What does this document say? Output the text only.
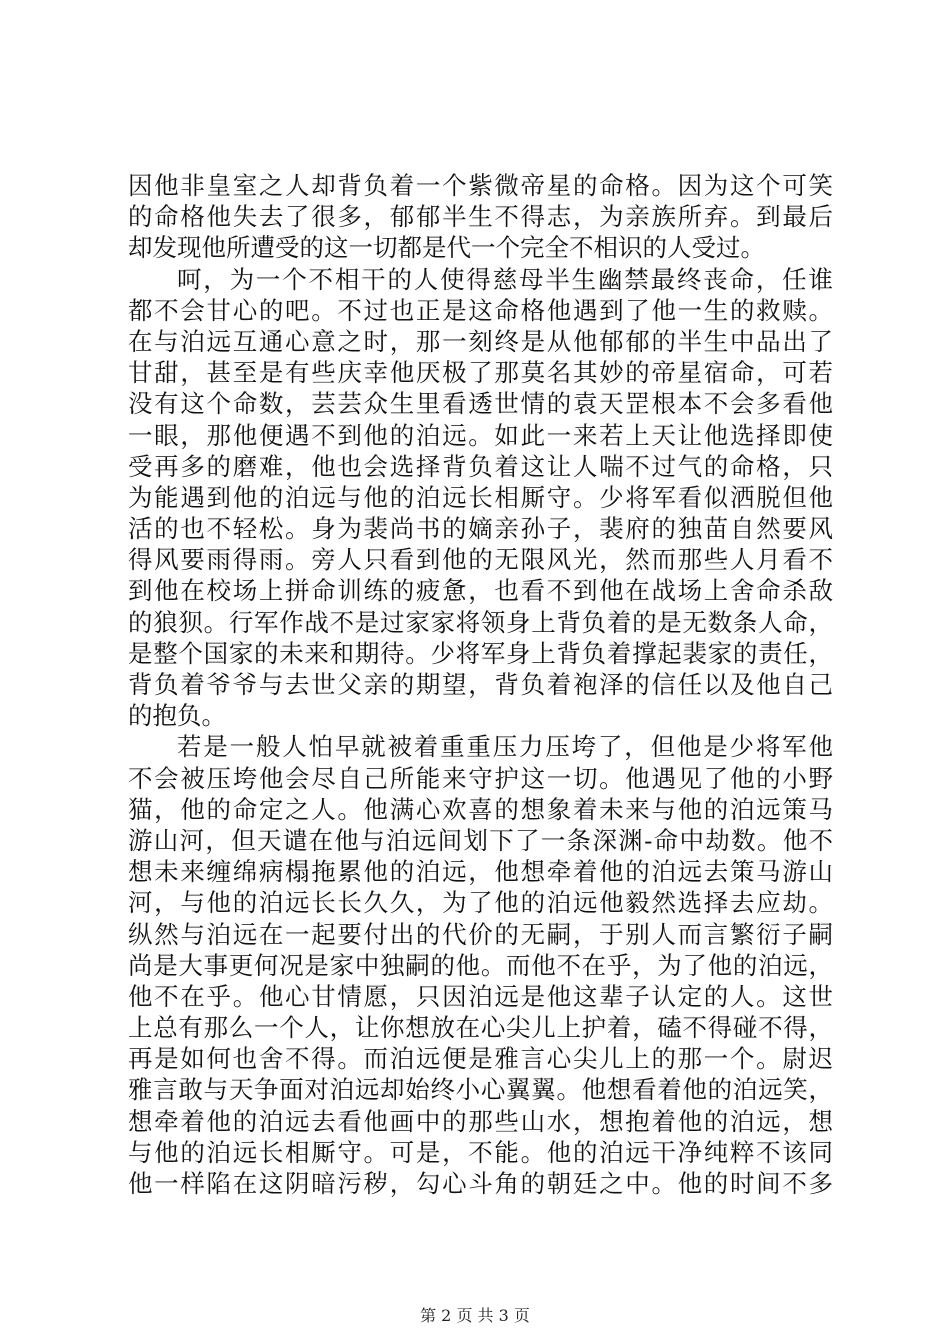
因他非皇室之人却背负着一个紫微帝星的命格。因为这个可笑
的命格他失去了很多，郁郁半生不得志，为亲族所弃。到最后
却发现他所遭受的这一切都是代一个完全不相识的人受过。
呵，为一个不相干的人使得慈母半生幽禁最终丧命，任谁
都不会甘心的吧。不过也正是这命格他遇到了他一生的救赎。
在与泊远互通心意之时，那一刻终是从他郁郁的半生中品出了
甘甜，甚至是有些庆幸他厌极了那莫名其妙的帝星宿命，可若
没有这个命数，芸芸众生里看透世情的袁天罡根本不会多看他
一眼，那他便遇不到他的泊远。如此一来若上天让他选择即使
受再多的磨难，他也会选择背负着这让人喘不过气的命格，只
为能遇到他的泊远与他的泊远长相厮守。少将军看似洒脱但他
活的也不轻松。身为裴尚书的嫡亲孙子，裴府的独苗自然要风
得风要雨得雨。旁人只看到他的无限风光，然而那些人月看不
到他在校场上拼命训练的疲惫，也看不到他在战场上舍命杀敌
的狼狈。行军作战不是过家家将领身上背负着的是无数条人命，
是整个国家的未来和期待。少将军身上背负着撑起裴家的责任，
背负着爷爷与去世父亲的期望，背负着袍泽的信任以及他自己
的抱负。
若是一般人怕早就被着重重压力压垮了，但他是少将军他
不会被压垮他会尽自己所能来守护这一切。他遇见了他的小野
猫，他的命定之人。他满心欢喜的想象着未来与他的泊远策马
游山河，但天谴在他与泊远间划下了一条深渊-命中劫数。他不
想未来缠绵病榻拖累他的泊远，他想牵着他的泊远去策马游山
河，与他的泊远长长久久，为了他的泊远他毅然选择去应劫。
纵然与泊远在一起要付出的代价的无嗣，于别人而言繁衍子嗣
尚是大事更何况是家中独嗣的他。而他不在乎，为了他的泊远，
他不在乎。他心甘情愿，只因泊远是他这辈子认定的人。这世
上总有那么一个人，让你想放在心尖儿上护着，磕不得碰不得，
再是如何也舍不得。而泊远便是雅言心尖儿上的那一个。尉迟
雅言敢与天争面对泊远却始终小心翼翼。他想看着他的泊远笑，
想牵着他的泊远去看他画中的那些山水，想抱着他的泊远，想
与他的泊远长相厮守。可是，不能。他的泊远干净纯粹不该同
他一样陷在这阴暗污秽，勾心斗角的朝廷之中。他的时间不多
第 2 页 共 3 页
